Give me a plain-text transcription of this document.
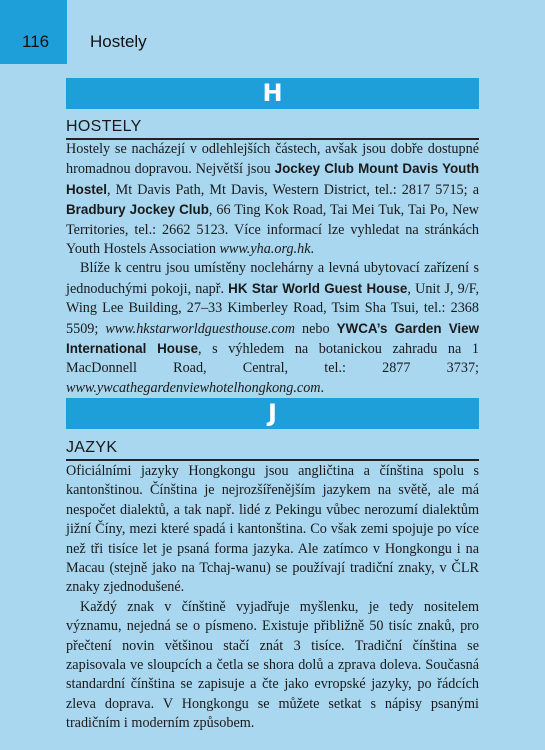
116 Hostely
H
HOSTELY

Hostely se nacházejí v odlehlejších částech, avšak jsou dobře dostupné hromadnou dopravou. Největší jsou Jockey Club Mount Davis Youth Hostel, Mt Davis Path, Mt Davis, Western District, tel.: 2817 5715; a Bradbury Jockey Club, 66 Ting Kok Road, Tai Mei Tuk, Tai Po, New Territories, tel.: 2662 5123. Více informací lze vyhledat na stránkách Youth Hostels Association www.yha.org.hk.

Blíže k centru jsou umístěny noclehárny a levná ubytovací zařízení s jednoduchými pokoji, např. HK Star World Guest House, Unit J, 9/F, Wing Lee Building, 27–33 Kimberley Road, Tsim Sha Tsui, tel.: 2368 5509; www.hkstarworldguesthouse.com nebo YWCA’s Garden View International House, s výhledem na botanickou zahradu na 1 MacDonnell Road, Central, tel.: 2877 3737; www.ywcathegardenviewhotelhongkong.com.

J
JAZYK

Oficiálními jazyky Hongkongu jsou angličtina a čínština spolu s kantonštinou. Čínština je nejrozšířenějším jazykem na světě, ale má nespočet dialektů, a tak např. lidé z Pekingu vůbec nerozumí dialektům jižní Číny, mezi které spadá i kantonština. Co však zemi spojuje po více než tři tisíce let je psaná forma jazyka. Ale zatímco v Hongkongu i na Macau (stejně jako na Tchaj-wanu) se používají tradiční znaky, v ČLR znaky zjednodušené.

Každý znak v čínštině vyjadřuje myšlenku, je tedy nositelem významu, nejedná se o písmeno. Existuje přibližně 50 tisíc znaků, pro přečtení novin většinou stačí znát 3 tisíce. Tradiční čínština se zapisovala ve sloupcích a četla se shora dolů a zprava doleva. Současná standardní čínština se zapisuje a čte jako evropské jazyky, po řádcích zleva doprava. V Hongkongu se můžete setkat s nápisy psanými tradičním i moderním způsobem.
